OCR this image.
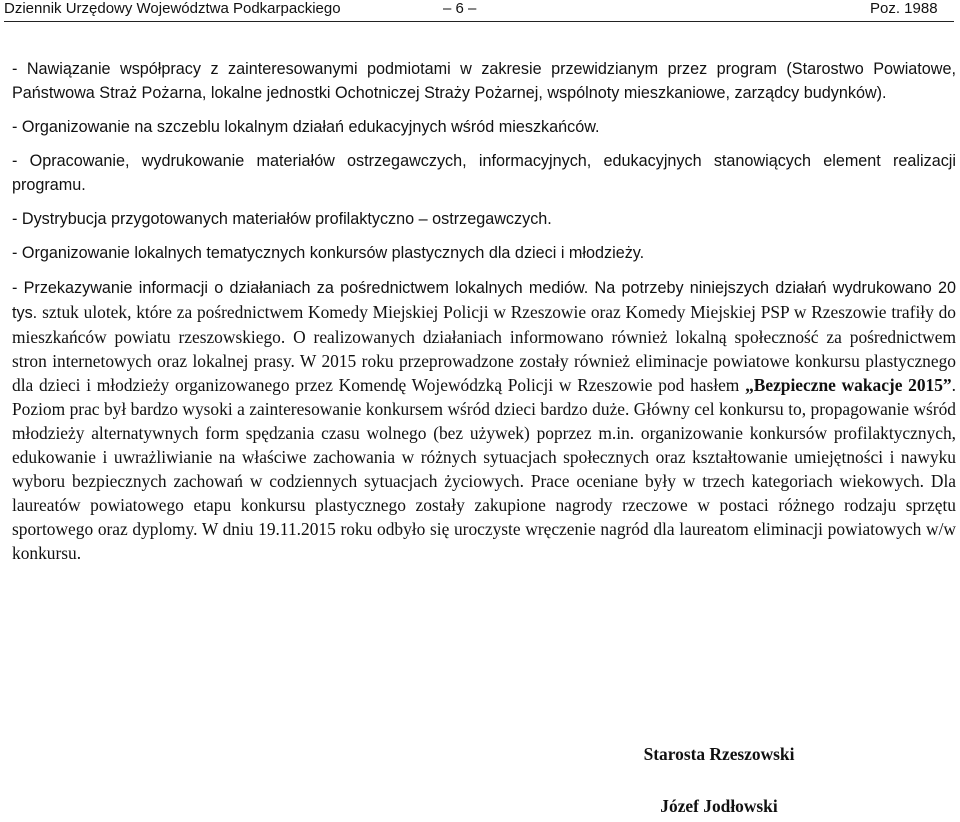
Dziennik Urzędowy Województwa Podkarpackiego	– 6 –	Poz. 1988

- Nawiązanie współpracy z zainteresowanymi podmiotami w zakresie przewidzianym przez program (Starostwo Powiatowe, Państwowa Straż Pożarna, lokalne jednostki Ochotniczej Straży Pożarnej, wspólnoty mieszkaniowe, zarządcy budynków).

- Organizowanie na szczeblu lokalnym działań edukacyjnych wśród mieszkańców.

- Opracowanie, wydrukowanie materiałów ostrzegawczych, informacyjnych, edukacyjnych stanowiących element realizacji programu.

- Dystrybucja przygotowanych materiałów profilaktyczno – ostrzegawczych.

- Organizowanie lokalnych tematycznych konkursów plastycznych dla dzieci i młodzieży.

- Przekazywanie informacji o działaniach za pośrednictwem lokalnych mediów. Na potrzeby niniejszych działań wydrukowano 20 tys. sztuk ulotek, które za pośrednictwem Komedy Miejskiej Policji w Rzeszowie oraz Komedy Miejskiej PSP w Rzeszowie trafiły do mieszkańców powiatu rzeszowskiego. O realizowanych działaniach informowano również lokalną społeczność za pośrednictwem stron internetowych oraz lokalnej prasy. W 2015 roku przeprowadzone zostały również eliminacje powiatowe konkursu plastycznego dla dzieci i młodzieży organizowanego przez Komendę Wojewódzką Policji w Rzeszowie pod hasłem „Bezpieczne wakacje 2015”. Poziom prac był bardzo wysoki a zainteresowanie konkursem wśród dzieci bardzo duże. Główny cel konkursu to, propagowanie wśród młodzieży alternatywnych form spędzania czasu wolnego (bez używek) poprzez m.in. organizowanie konkursów profilaktycznych, edukowanie i uwrażliwianie na właściwe zachowania w różnych sytuacjach społecznych oraz kształtowanie umiejętności i nawyku wyboru bezpiecznych zachowań w codziennych sytuacjach życiowych. Prace oceniane były w trzech kategoriach wiekowych. Dla laureatów powiatowego etapu konkursu plastycznego zostały zakupione nagrody rzeczowe w postaci różnego rodzaju sprzętu sportowego oraz dyplomy. W dniu 19.11.2015 roku odbyło się uroczyste wręczenie nagród dla laureatom eliminacji powiatowych w/w konkursu.

Starosta Rzeszowski
Józef Jodłowski
